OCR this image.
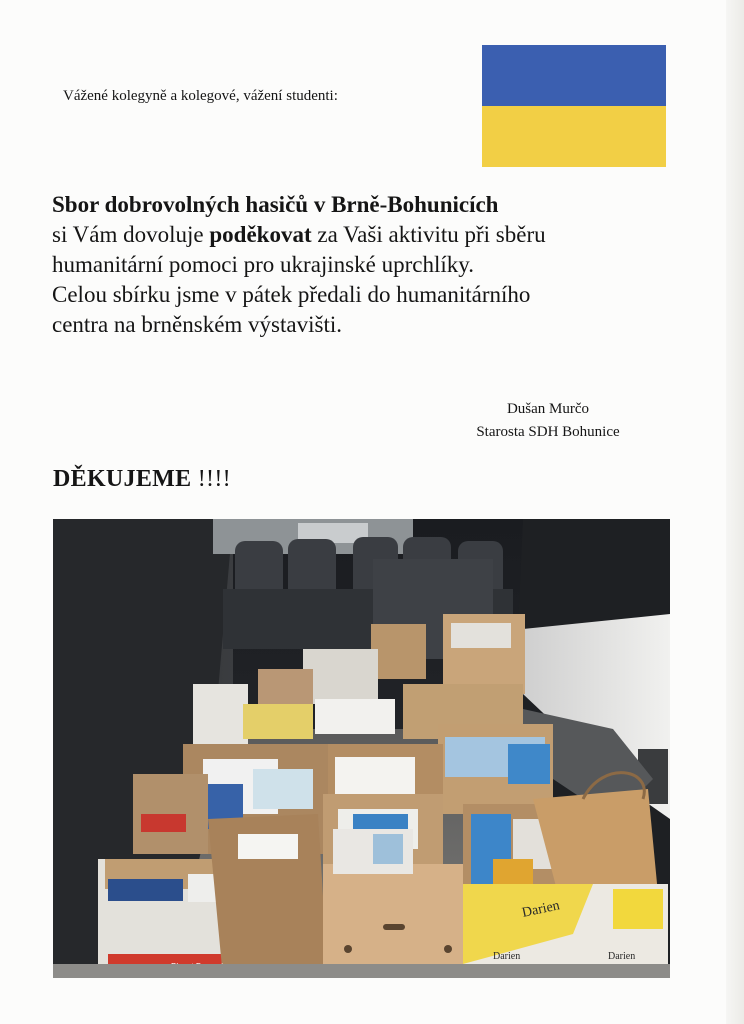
Vážené kolegyně a kolegové, vážení studenti:
Sbor dobrovolných hasičů v Brně-Bohunicích
si Vám dovoluje poděkovat za Vaši aktivitu při sběru
humanitární pomoci pro ukrajinské uprchlíky.
Celou sbírku jsme v pátek předali do humanitárního
centra na brněnském výstavišti.
Dušan Murčo
Starosta SDH Bohunice
DĚKUJEME !!!!
Darien
Darien	Darien
